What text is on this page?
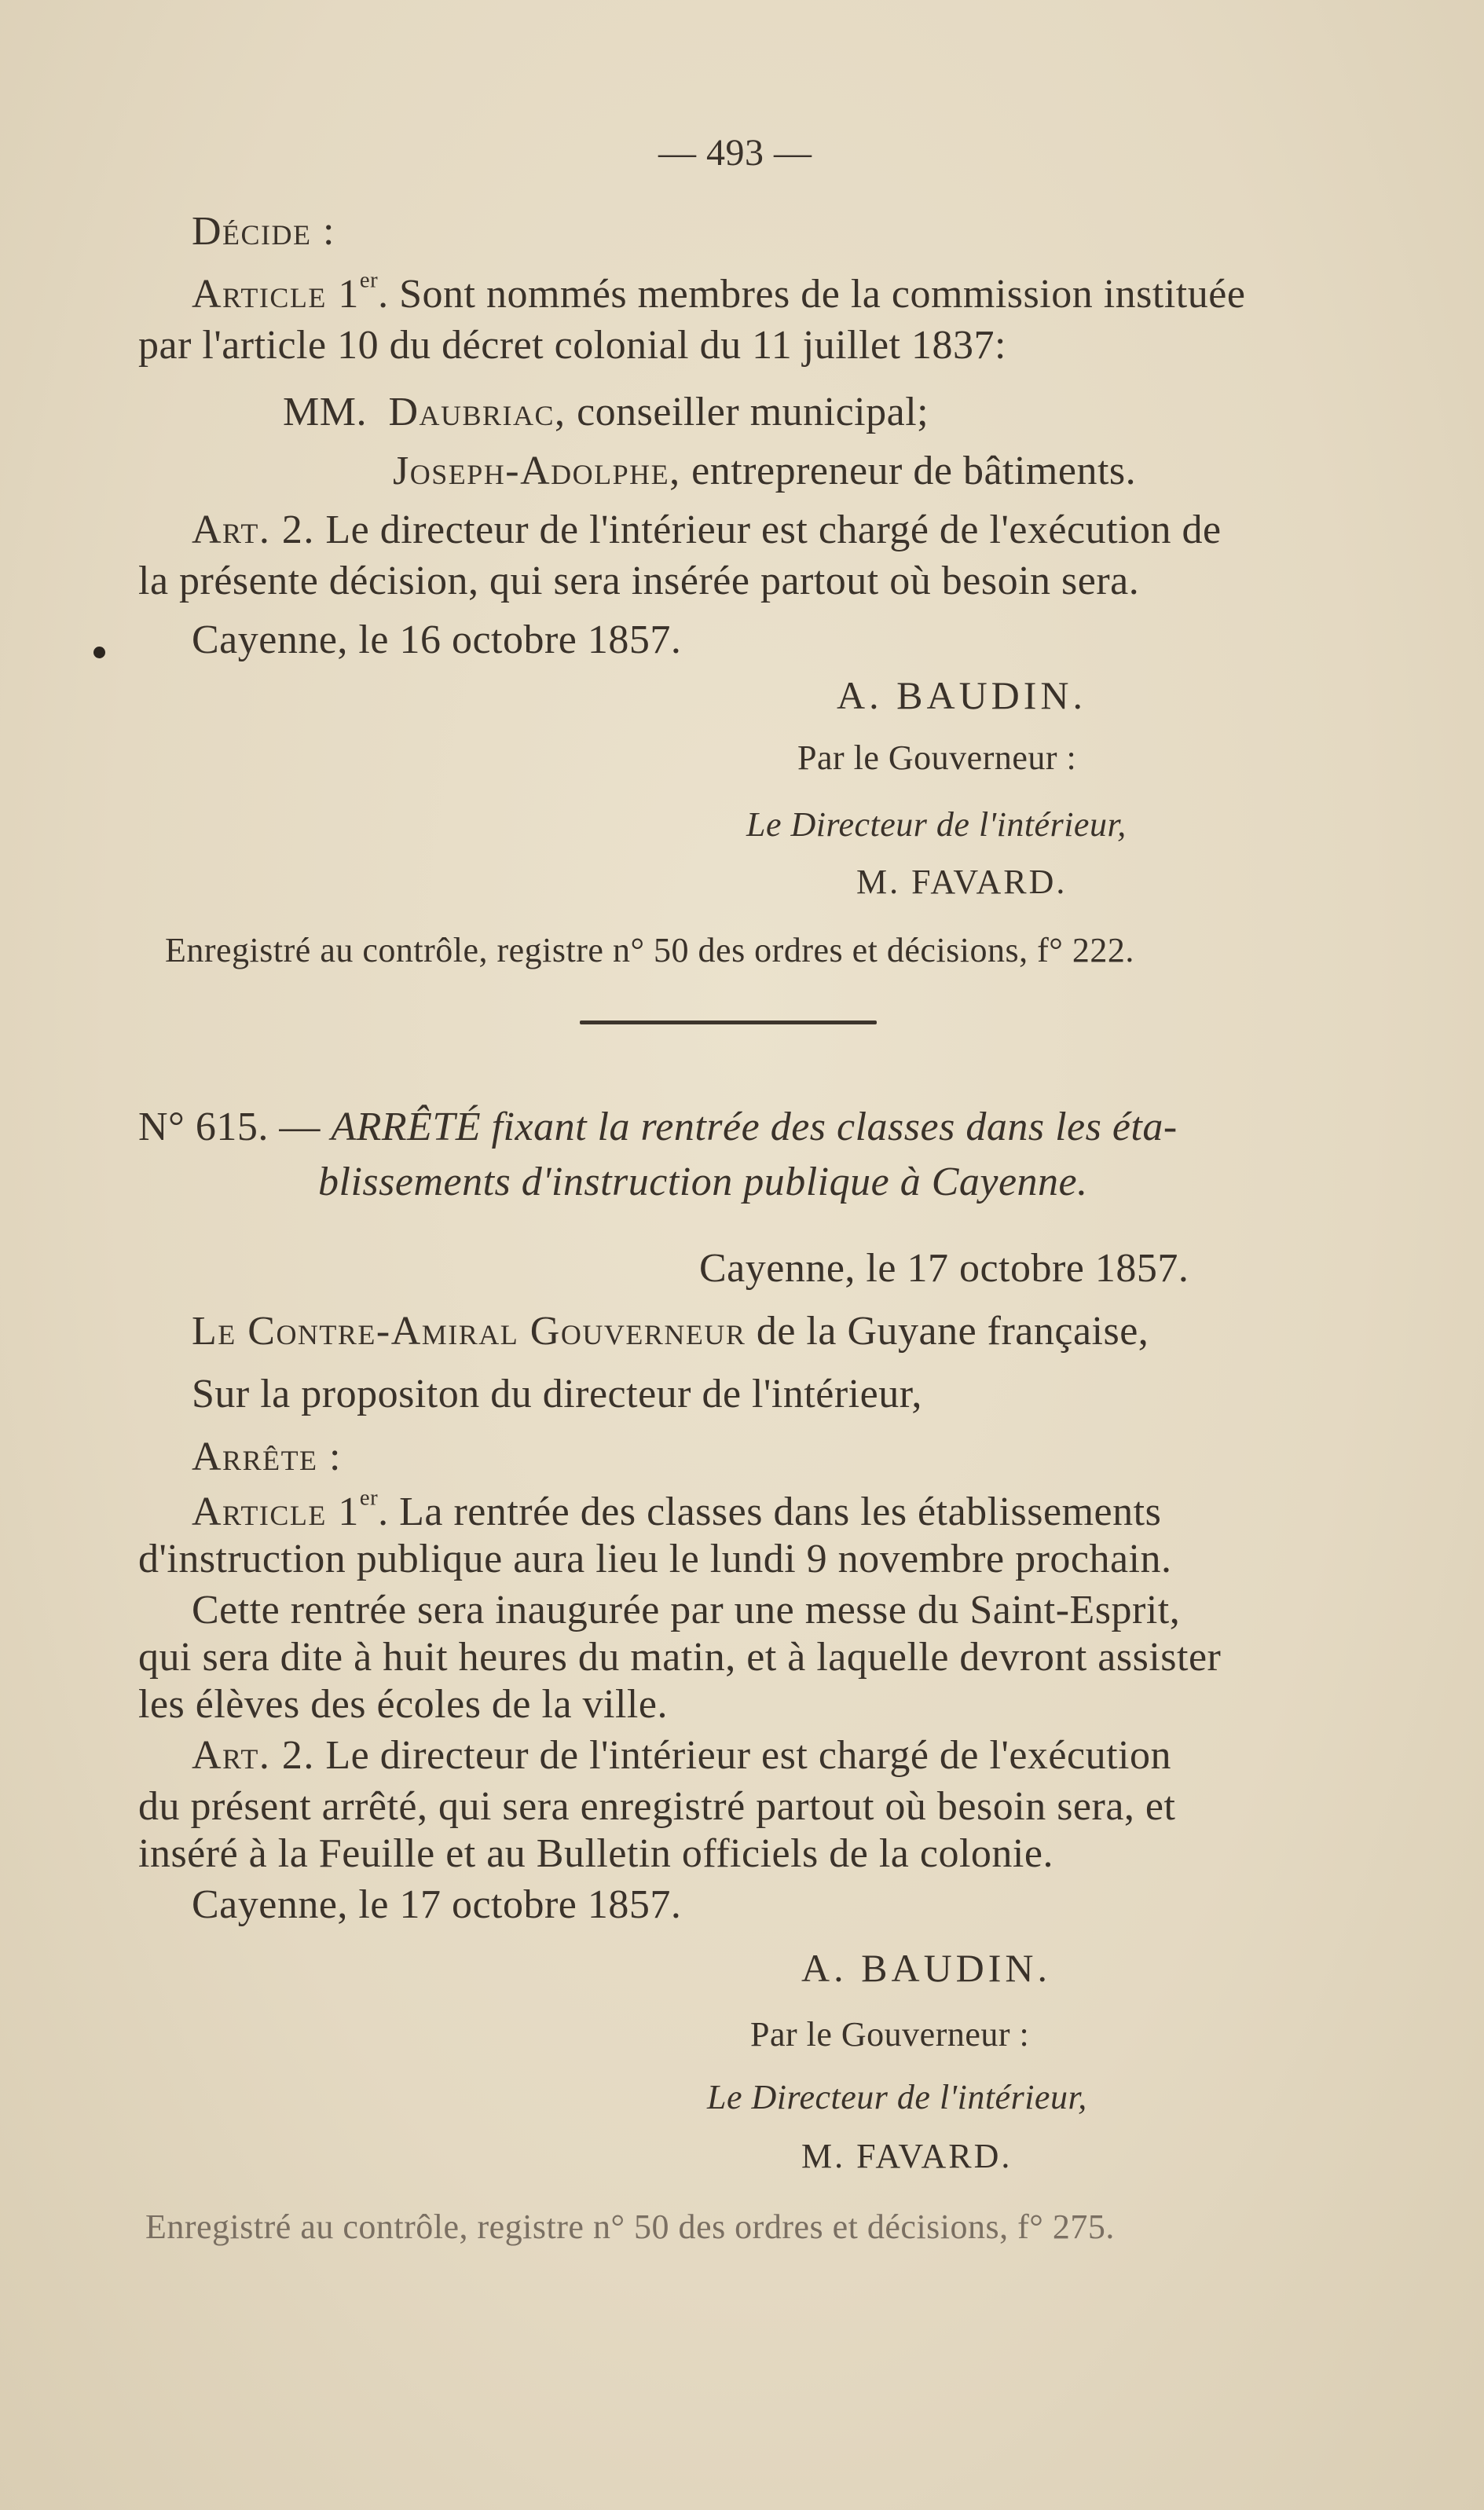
— 493 —
Décide :
Article 1er. Sont nommés membres de la commission instituée
par l'article 10 du décret colonial du 11 juillet 1837:
MM. Daubriac, conseiller municipal;
Joseph-Adolphe, entrepreneur de bâtiments.
Art. 2. Le directeur de l'intérieur est chargé de l'exécution de
la présente décision, qui sera insérée partout où besoin sera.
Cayenne, le 16 octobre 1857.
A. BAUDIN.
Par le Gouverneur :
Le Directeur de l'intérieur,
M. FAVARD.
Enregistré au contrôle, registre n° 50 des ordres et décisions, f° 222.
N° 615. — ARRÊTÉ fixant la rentrée des classes dans les éta-
blissements d'instruction publique à Cayenne.
Cayenne, le 17 octobre 1857.
Le Contre-Amiral Gouverneur de la Guyane française,
Sur la propositon du directeur de l'intérieur,
Arrête :
Article 1er. La rentrée des classes dans les établissements
d'instruction publique aura lieu le lundi 9 novembre prochain.
Cette rentrée sera inaugurée par une messe du Saint-Esprit,
qui sera dite à huit heures du matin, et à laquelle devront assister
les élèves des écoles de la ville.
Art. 2. Le directeur de l'intérieur est chargé de l'exécution
du présent arrêté, qui sera enregistré partout où besoin sera, et
inséré à la Feuille et au Bulletin officiels de la colonie.
Cayenne, le 17 octobre 1857.
A. BAUDIN.
Par le Gouverneur :
Le Directeur de l'intérieur,
M. FAVARD.
Enregistré au contrôle, registre n° 50 des ordres et décisions, f° 275.
